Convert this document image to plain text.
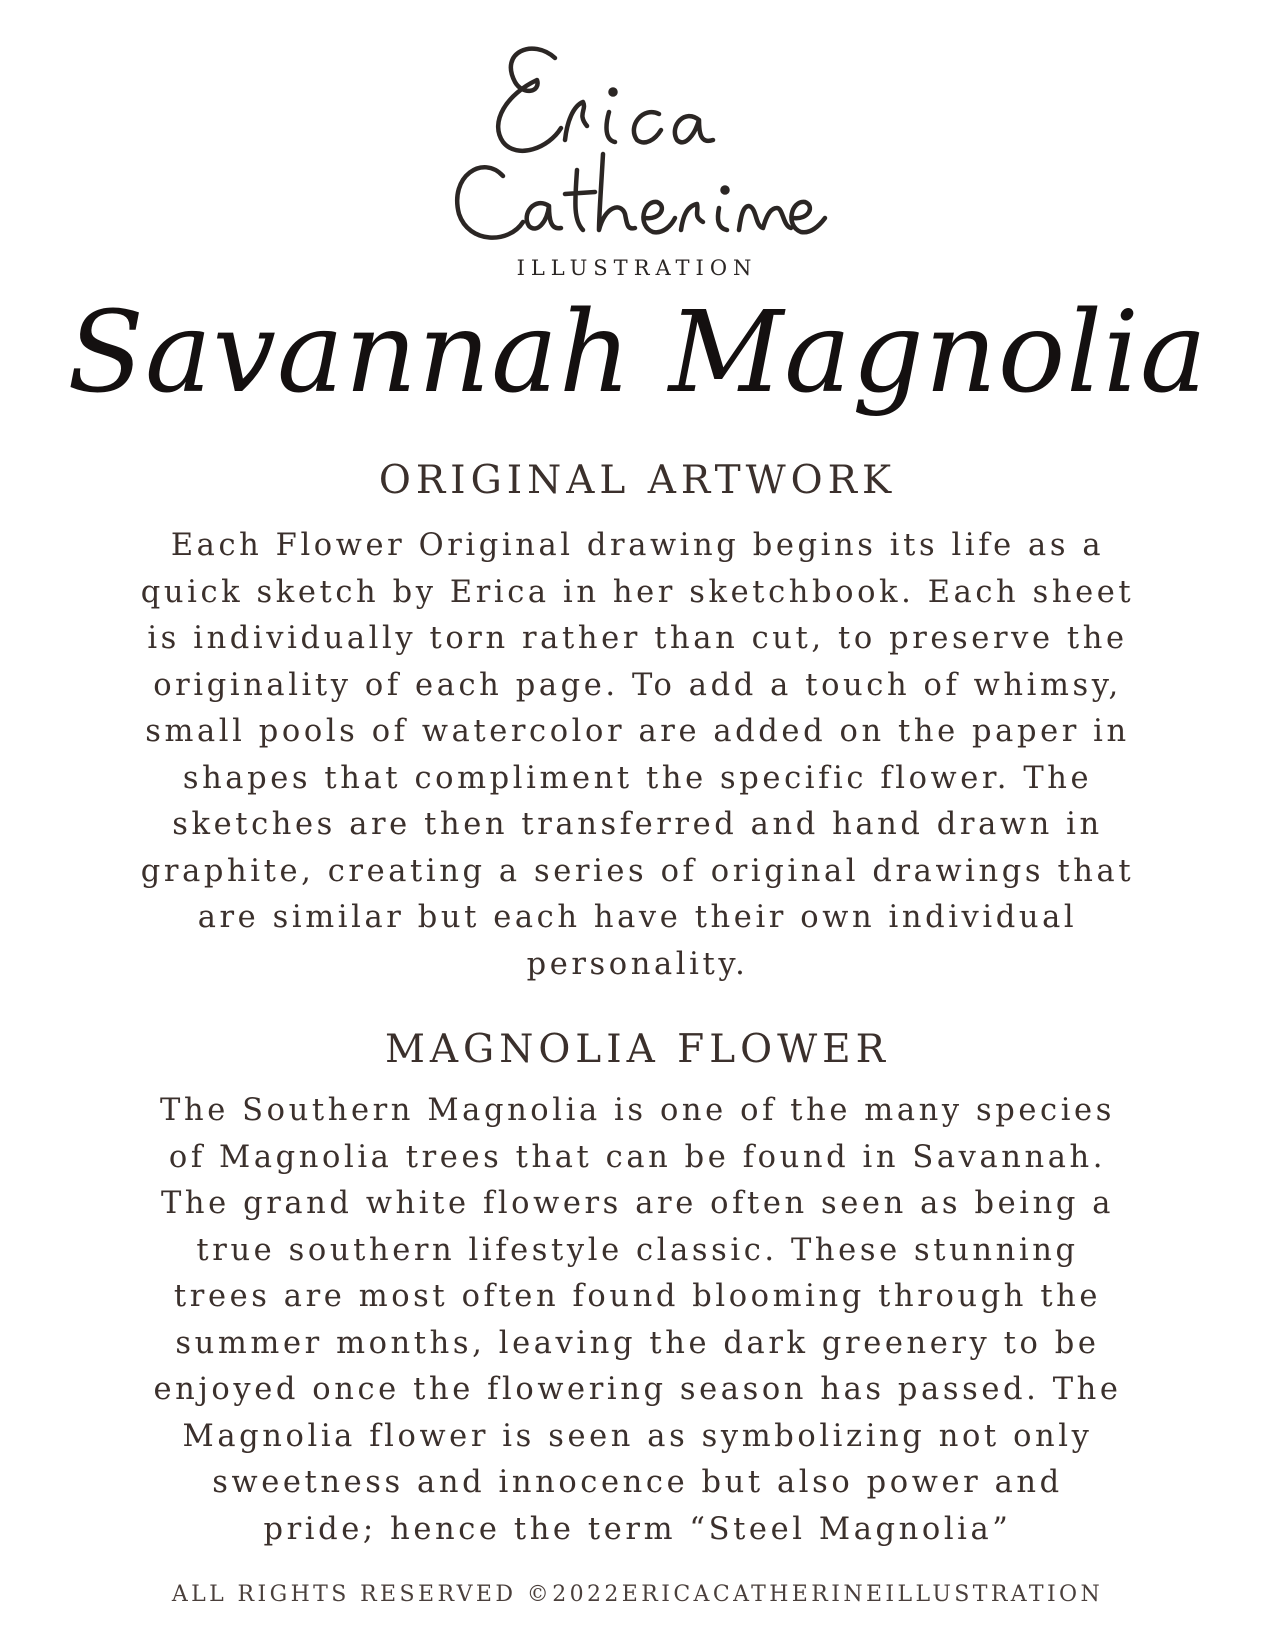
ILLUSTRATION
Savannah Magnolia
ORIGINAL ARTWORK
Each Flower Original drawing begins its life as a
quick sketch by Erica in her sketchbook. Each sheet
is individually torn rather than cut, to preserve the
originality of each page. To add a touch of whimsy,
small pools of watercolor are added on the paper in
shapes that compliment the specific flower. The
sketches are then transferred and hand drawn in
graphite, creating a series of original drawings that
are similar but each have their own individual
personality.
MAGNOLIA FLOWER
The Southern Magnolia is one of the many species
of Magnolia trees that can be found in Savannah.
The grand white flowers are often seen as being a
true southern lifestyle classic. These stunning
trees are most often found blooming through the
summer months, leaving the dark greenery to be
enjoyed once the flowering season has passed. The
Magnolia flower is seen as symbolizing not only
sweetness and innocence but also power and
pride; hence the term “Steel Magnolia”
ALL RIGHTS RESERVED ©2022ERICACATHERINEILLUSTRATION
